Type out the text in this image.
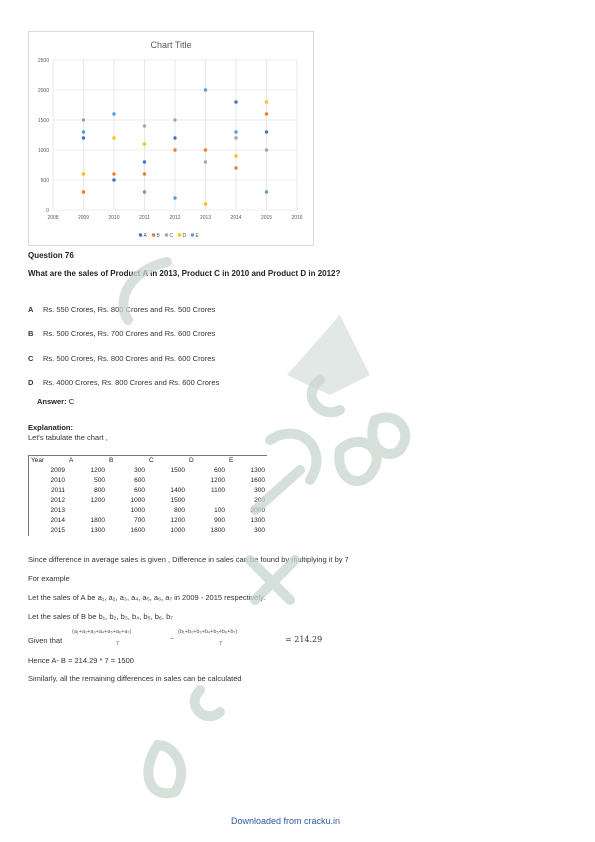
Chart Title
0
500
1000
1500
2000
2500
2008	2009	2010	2011	2012	2013	2014	2015	2016
A B C D E
Question 76
What are the sales of Product A in 2013, Product C in 2010 and Product D in 2012?
A Rs. 550 Crores, Rs. 800 Crores and Rs. 500 Crores
B Rs. 500 Crores, Rs. 700 Crores and Rs. 600 Crores
C Rs. 500 Crores, Rs. 800 Crores and Rs. 600 Crores
D Rs. 4000 Crores, Rs. 800 Crores and Rs. 600 Crores
Answer: C
Explanation:
Let's tabulate the chart ,
Year	A	B	C	D	E
2009	1200	300	1500	600	1300
2010	500	600		1200	1600
2011	800	600	1400	1100	300
2012	1200	1000	1500		200
2013		1000	800	100	2000
2014	1800	700	1200	900	1300
2015	1300	1600	1000	1800	300
Since difference in average sales is given , Difference in sales can be found by multiplying it by 7
For example
Let the sales of A be a₁, a₂, a₃, a₄, a₅, a₆, a₇ in 2009 - 2015 respectively.
Let the sales of B be b₁, b₂, b₃, b₄, b₅, b₆, b₇
Given that
(a₁+a₂+a₃+a₄+a₅+a₆+a₇)
7
−
(b₁+b₂+b₃+b₄+b₅+b₆+b₇)
7	= 214.29
Hence A- B = 214.29 * 7 = 1500
Similarly, all the remaining differences in sales can be calculated
Downloaded from cracku.in
